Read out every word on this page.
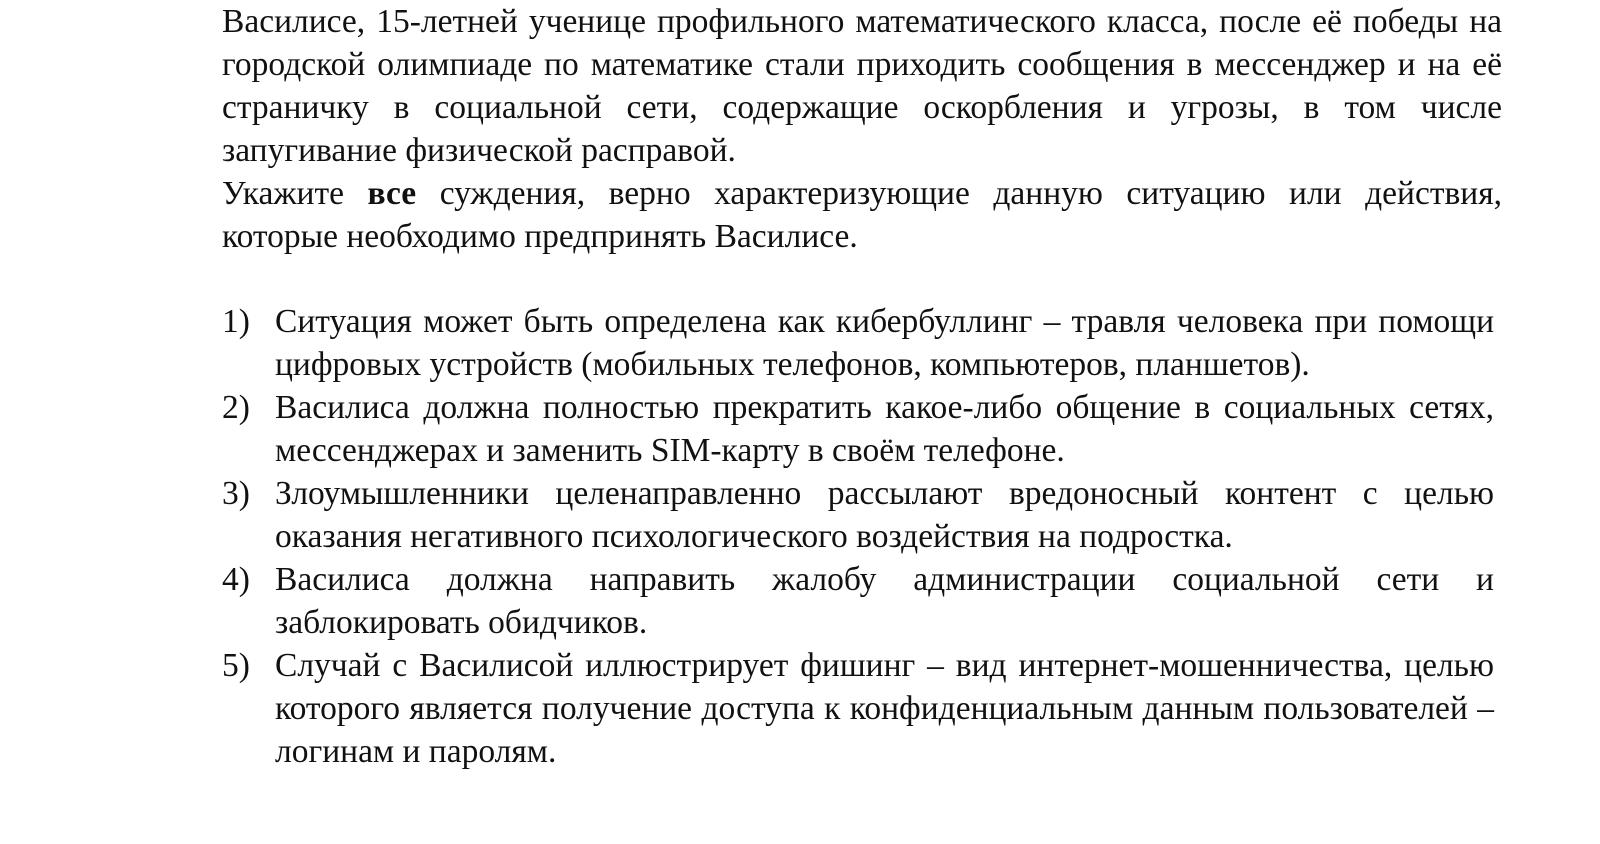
Василисе, 15-летней ученице профильного математического класса, после её победы на городской олимпиаде по математике стали приходить сообщения в мессенджер и на её страничку в социальной сети, содержащие оскорбления и угрозы, в том числе запугивание физической расправой.

Укажите все суждения, верно характеризующие данную ситуацию или действия, которые необходимо предпринять Василисе.

1) Ситуация может быть определена как кибербуллинг – травля человека при помощи цифровых устройств (мобильных телефонов, компьютеров, планшетов).
2) Василиса должна полностью прекратить какое-либо общение в социальных сетях, мессенджерах и заменить SIM-карту в своём телефоне.
3) Злоумышленники целенаправленно рассылают вредоносный контент с целью оказания негативного психологического воздействия на подростка.
4) Василиса должна направить жалобу администрации социальной сети и заблокировать обидчиков.
5) Случай с Василисой иллюстрирует фишинг – вид интернет-мошенничества, целью которого является получение доступа к конфиденциальным данным пользователей – логинам и паролям.
